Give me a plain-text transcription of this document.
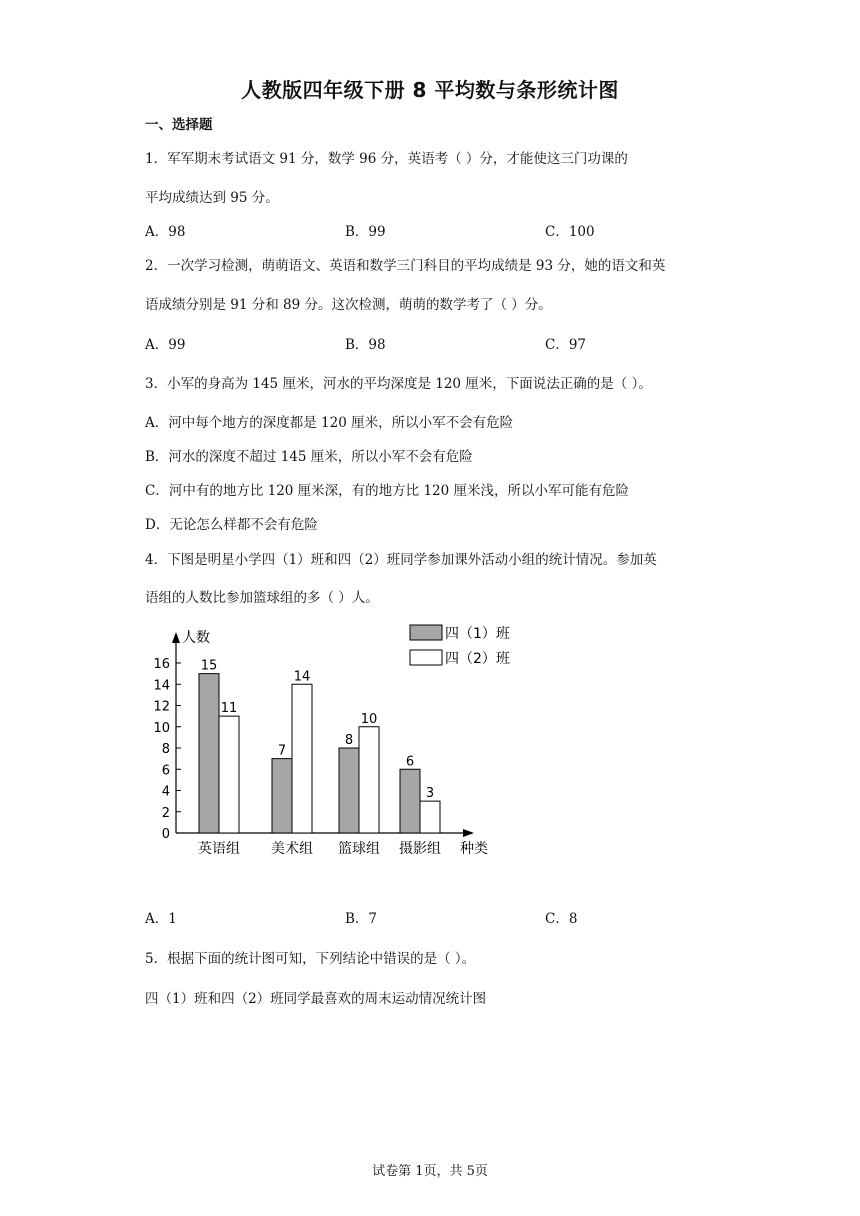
人教版四年级下册 8 平均数与条形统计图
一、选择题
1．军军期末考试语文 91 分，数学 96 分，英语考（ ）分，才能使这三门功课的
平均成绩达到 95 分。
A．98	B．99	C．100
2．一次学习检测，萌萌语文、英语和数学三门科目的平均成绩是 93 分，她的语文和英
语成绩分别是 91 分和 89 分。这次检测，萌萌的数学考了（ ）分。
A．99	B．98	C．97
3．小军的身高为 145 厘米，河水的平均深度是 120 厘米，下面说法正确的是（ ）。
A．河中每个地方的深度都是 120 厘米，所以小军不会有危险
B．河水的深度不超过 145 厘米，所以小军不会有危险
C．河中有的地方比 120 厘米深，有的地方比 120 厘米浅，所以小军可能有危险
D．无论怎么样都不会有危险
4．下图是明星小学四（1）班和四（2）班同学参加课外活动小组的统计情况。参加英
语组的人数比参加篮球组的多（ ）人。
人数
种类
0
2
4
6
8
10
12
14
16 15
11
英语组
7
14
美术组
8
10
篮球组
6
3
摄影组
四（1）班
四（2）班
A．1	B．7	C．8
5．根据下面的统计图可知，下列结论中错误的是（ ）。
四（1）班和四（2）班同学最喜欢的周末运动情况统计图
试卷第 1页，共 5页
